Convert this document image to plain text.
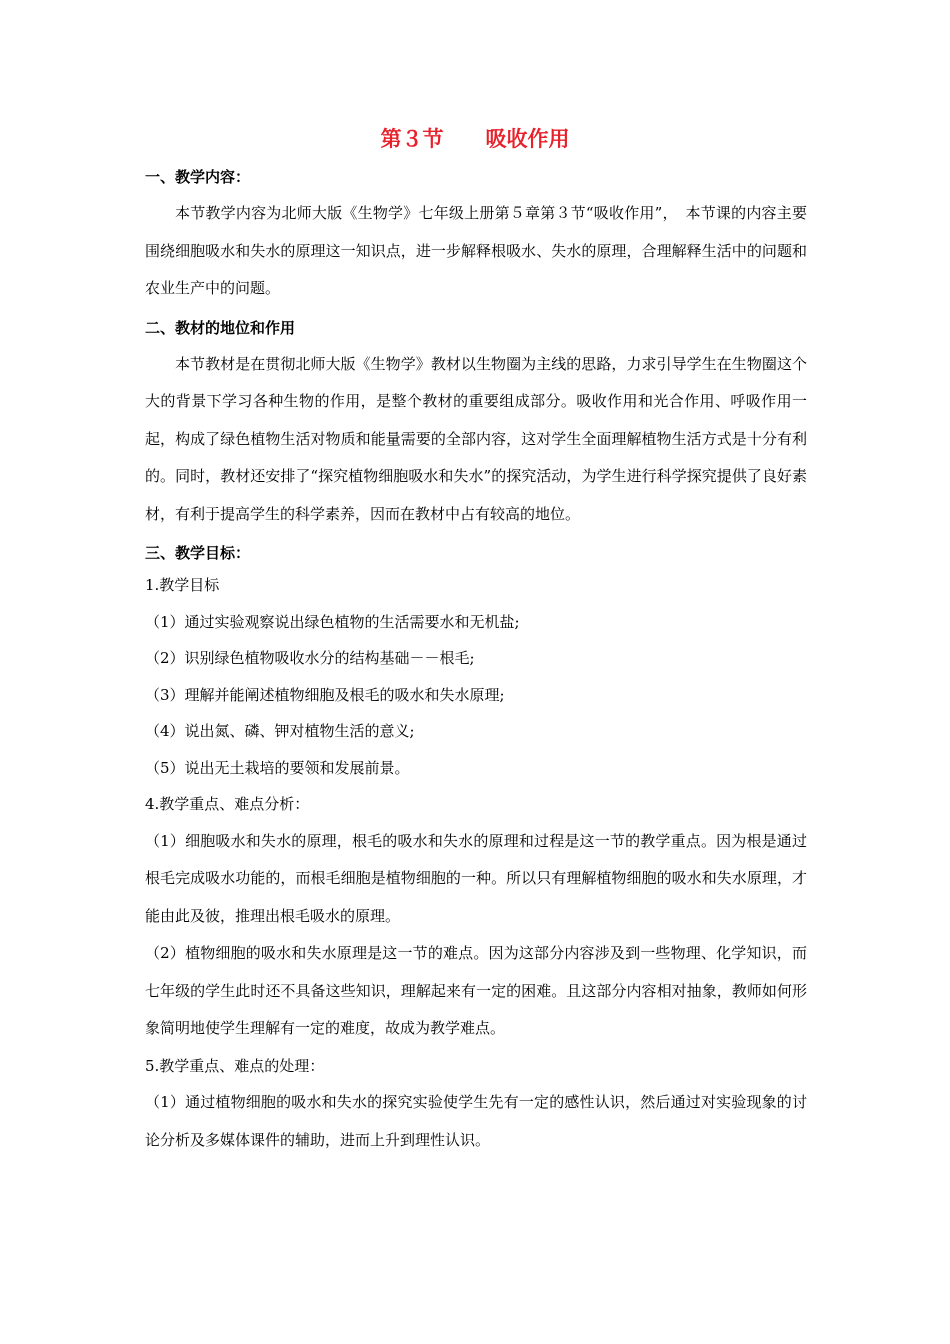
第３节　　吸收作用
一、教学内容：
本节教学内容为北师大版《生物学》七年级上册第５章第３节“吸收作用”，　本节课的内容主要围绕细胞吸水和失水的原理这一知识点，进一步解释根吸水、失水的原理，合理解释生活中的问题和农业生产中的问题。
二、教材的地位和作用
本节教材是在贯彻北师大版《生物学》教材以生物圈为主线的思路，力求引导学生在生物圈这个大的背景下学习各种生物的作用，是整个教材的重要组成部分。吸收作用和光合作用、呼吸作用一起，构成了绿色植物生活对物质和能量需要的全部内容，这对学生全面理解植物生活方式是十分有利的。同时，教材还安排了“探究植物细胞吸水和失水”的探究活动，为学生进行科学探究提供了良好素材，有利于提高学生的科学素养，因而在教材中占有较高的地位。
三、教学目标：
1.教学目标
（1）通过实验观察说出绿色植物的生活需要水和无机盐;
（2）识别绿色植物吸收水分的结构基础－－根毛;
（3）理解并能阐述植物细胞及根毛的吸水和失水原理;
（4）说出氮、磷、钾对植物生活的意义;
（5）说出无土栽培的要领和发展前景。
4.教学重点、难点分析：
（1）细胞吸水和失水的原理，根毛的吸水和失水的原理和过程是这一节的教学重点。因为根是通过根毛完成吸水功能的，而根毛细胞是植物细胞的一种。所以只有理解植物细胞的吸水和失水原理，才能由此及彼，推理出根毛吸水的原理。
（2）植物细胞的吸水和失水原理是这一节的难点。因为这部分内容涉及到一些物理、化学知识，而七年级的学生此时还不具备这些知识，理解起来有一定的困难。且这部分内容相对抽象，教师如何形象简明地使学生理解有一定的难度，故成为教学难点。
5.教学重点、难点的处理：
（1）通过植物细胞的吸水和失水的探究实验使学生先有一定的感性认识，然后通过对实验现象的讨论分析及多媒体课件的辅助，进而上升到理性认识。
